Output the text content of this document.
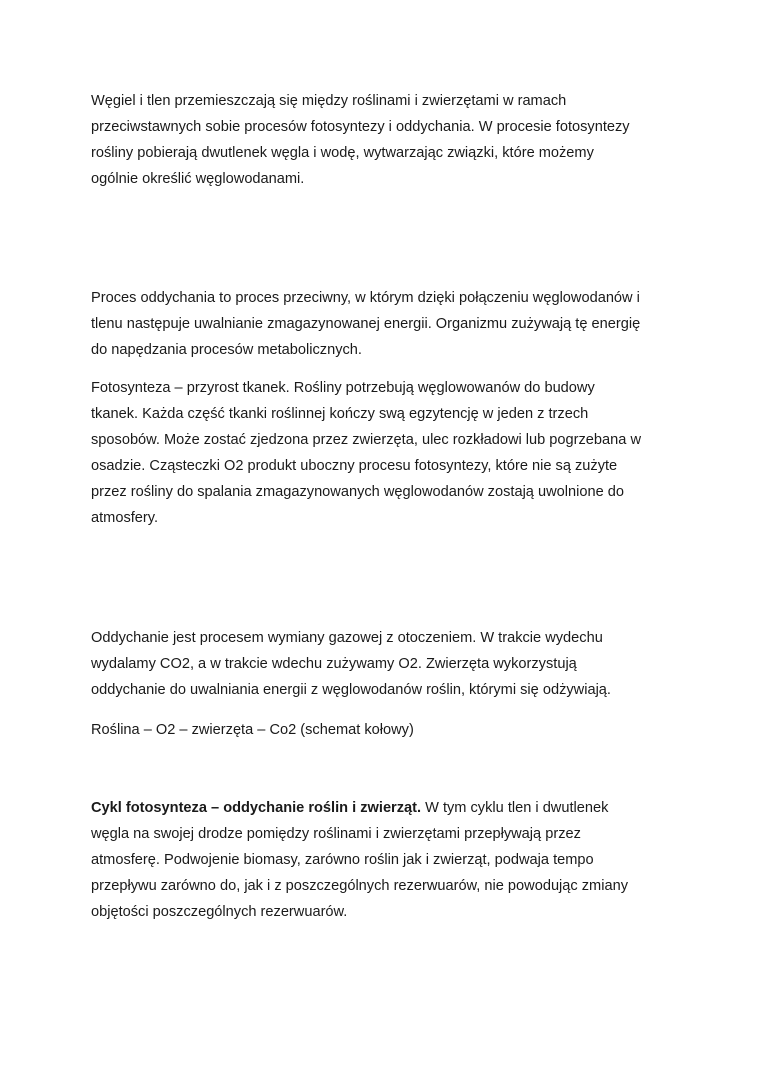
Węgiel i tlen przemieszczają się między roślinami i zwierzętami w ramach
przeciwstawnych sobie procesów fotosyntezy i oddychania. W procesie fotosyntezy
rośliny pobierają dwutlenek węgla i wodę, wytwarzając związki, które możemy
ogólnie określić węglowodanami.

Proces oddychania to proces przeciwny, w którym dzięki połączeniu węglowodanów i
tlenu następuje uwalnianie zmagazynowanej energii. Organizmu zużywają tę energię
do napędzania procesów metabolicznych.

Fotosynteza – przyrost tkanek. Rośliny potrzebują węglowowanów do budowy
tkanek. Każda część tkanki roślinnej kończy swą egzytencję w jeden z trzech
sposobów. Może zostać zjedzona przez zwierzęta, ulec rozkładowi lub pogrzebana w
osadzie. Cząsteczki O2 produkt uboczny procesu fotosyntezy, które nie są zużyte
przez rośliny do spalania zmagazynowanych węglowodanów zostają uwolnione do
atmosfery.

Oddychanie jest procesem wymiany gazowej z otoczeniem. W trakcie wydechu
wydalamy CO2, a w trakcie wdechu zużywamy O2. Zwierzęta wykorzystują
oddychanie do uwalniania energii z węglowodanów roślin, którymi się odżywiają.

Roślina – O2 – zwierzęta – Co2 (schemat kołowy)

Cykl fotosynteza – oddychanie roślin i zwierząt. W tym cyklu tlen i dwutlenek
węgla na swojej drodze pomiędzy roślinami i zwierzętami przepływają przez
atmosferę. Podwojenie biomasy, zarówno roślin jak i zwierząt, podwaja tempo
przepływu zarówno do, jak i z poszczególnych rezerwuarów, nie powodując zmiany
objętości poszczególnych rezerwuarów.
